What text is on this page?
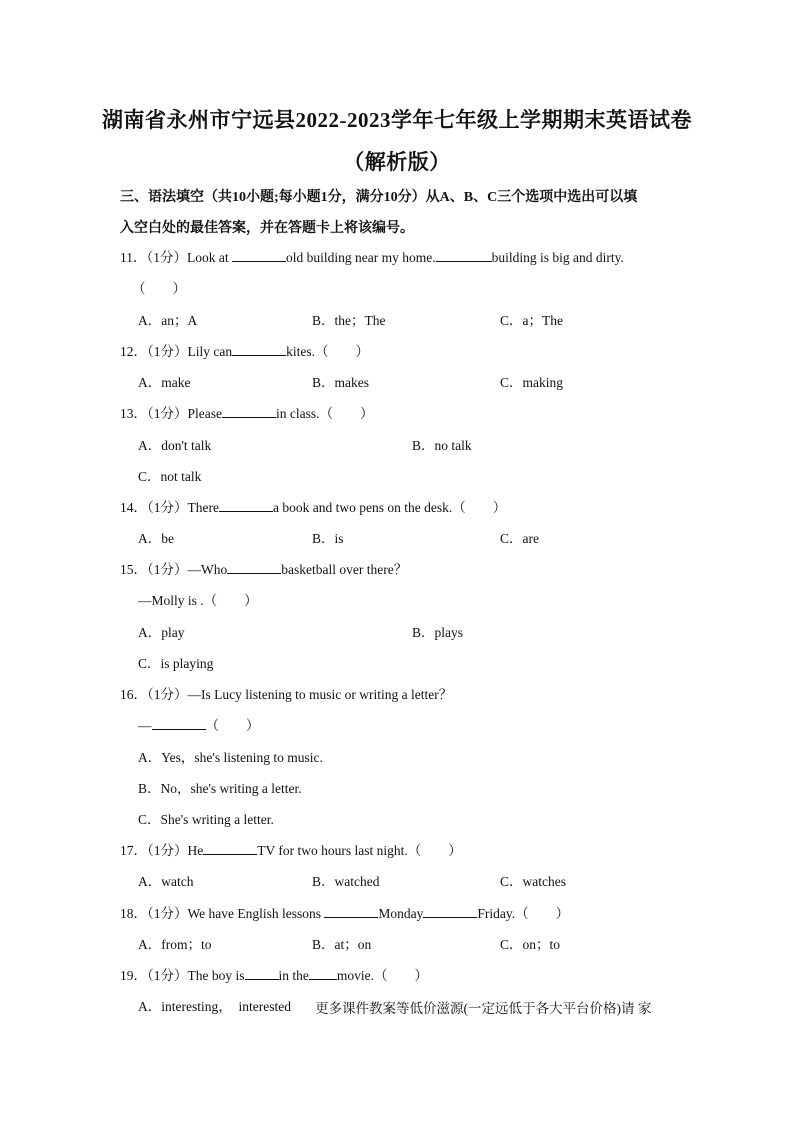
湖南省永州市宁远县2022-2023学年七年级上学期期末英语试卷
（解析版）
三、语法填空（共10小题;每小题1分，满分10分）从A、B、C三个选项中选出可以填
入空白处的最佳答案，并在答题卡上将该编号。
11．（1分）Look at	old building near my home.	building is big and dirty.
（　　）
A．an；A	B．the；The	C．a；The
12．（1分）Lily can	kites.（　　）
A．make	B．makes	C．making
13．（1分）Please	in class.（　　）
A．don't talk	B．no talk
C．not talk
14．（1分）There	a book and two pens on the desk.（　　）
A．be	B．is	C．are
15．（1分）—Who	basketball over there？
—Molly is .（　　）
A．play	B．plays
C．is playing
16．（1分）—Is Lucy listening to music or writing a letter？
—	（　　）
A．Yes，she's listening to music.
B．No，she's writing a letter.
C．She's writing a letter.
17．（1分）He	TV for two hours last night.（　　）
A．watch	B．watched	C．watches
18．（1分）We have English lessons	Monday	Friday.（　　）
A．from；to	B．at；on	C．on；to
19．（1分）The boy is	in the movie.（　　）
A．interesting，　interested 更多课件教案等低价滋源(一定远低于各大平台价格)请 家
